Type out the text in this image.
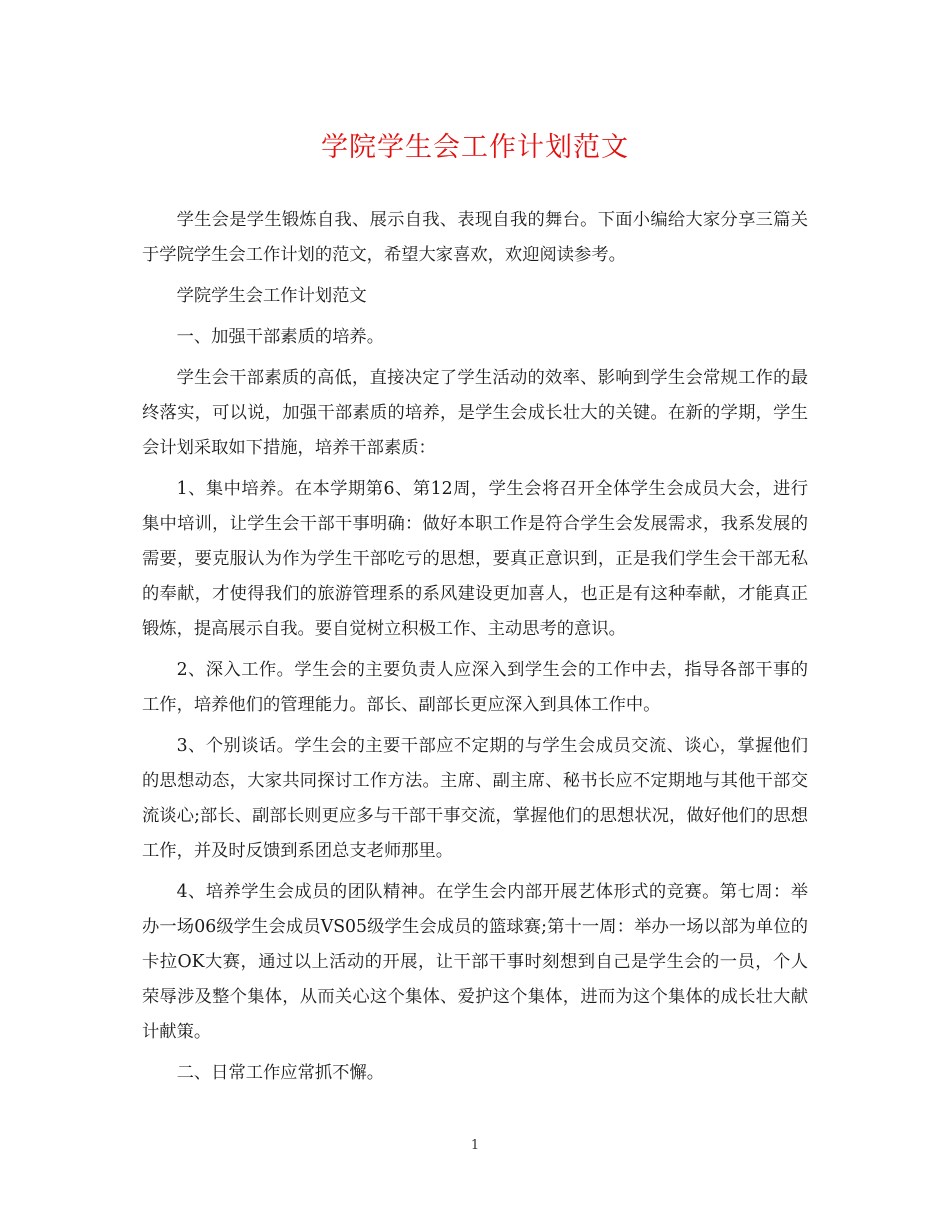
学院学生会工作计划范文

学生会是学生锻炼自我、展示自我、表现自我的舞台。下面小编给大家分享三篇关于学院学生会工作计划的范文，希望大家喜欢，欢迎阅读参考。

学院学生会工作计划范文

一、加强干部素质的培养。

学生会干部素质的高低，直接决定了学生活动的效率、影响到学生会常规工作的最终落实，可以说，加强干部素质的培养，是学生会成长壮大的关键。在新的学期，学生会计划采取如下措施，培养干部素质：

1、集中培养。在本学期第6、第12周，学生会将召开全体学生会成员大会，进行集中培训，让学生会干部干事明确：做好本职工作是符合学生会发展需求，我系发展的需要，要克服认为作为学生干部吃亏的思想，要真正意识到，正是我们学生会干部无私的奉献，才使得我们的旅游管理系的系风建设更加喜人，也正是有这种奉献，才能真正锻炼，提高展示自我。要自觉树立积极工作、主动思考的意识。

2、深入工作。学生会的主要负责人应深入到学生会的工作中去，指导各部干事的工作，培养他们的管理能力。部长、副部长更应深入到具体工作中。

3、个别谈话。学生会的主要干部应不定期的与学生会成员交流、谈心，掌握他们的思想动态，大家共同探讨工作方法。主席、副主席、秘书长应不定期地与其他干部交流谈心;部长、副部长则更应多与干部干事交流，掌握他们的思想状况，做好他们的思想工作，并及时反馈到系团总支老师那里。

4、培养学生会成员的团队精神。在学生会内部开展艺体形式的竞赛。第七周：举办一场06级学生会成员VS05级学生会成员的篮球赛;第十一周：举办一场以部为单位的卡拉OK大赛，通过以上活动的开展，让干部干事时刻想到自己是学生会的一员，个人荣辱涉及整个集体，从而关心这个集体、爱护这个集体，进而为这个集体的成长壮大献计献策。

二、日常工作应常抓不懈。

1
